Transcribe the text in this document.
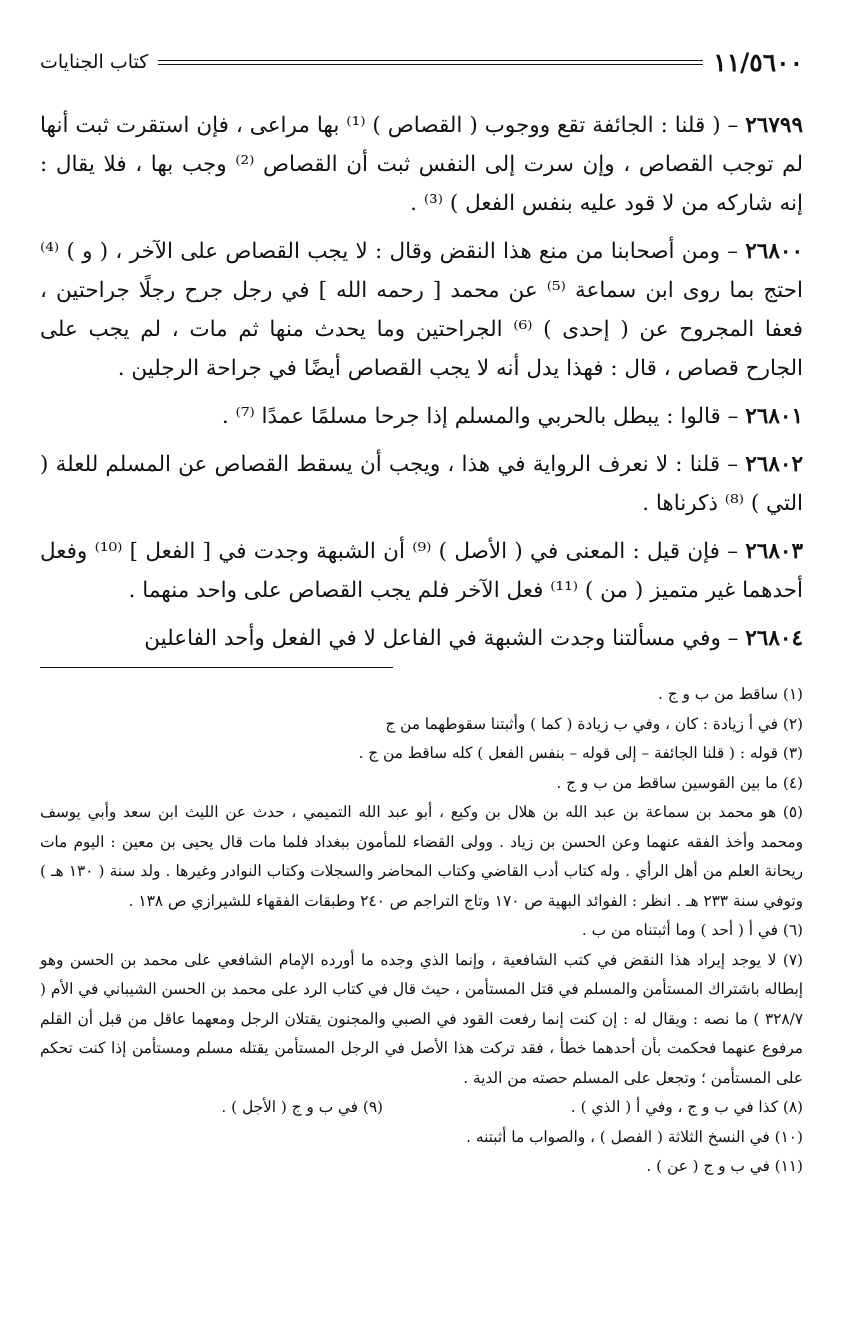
١١/٥٦٠٠
كتاب الجنايات

٢٦٧٩٩ – ( قلنا : الجائفة تقع ووجوب ( القصاص ) ⁽¹⁾ بها مراعى ، فإن استقرت ثبت أنها لم توجب القصاص ، وإن سرت إلى النفس ثبت أن القصاص ⁽²⁾ وجب بها ، فلا يقال : إنه شاركه من لا قود عليه بنفس الفعل ) ⁽³⁾ .

٢٦٨٠٠ – ومن أصحابنا من منع هذا النقض وقال : لا يجب القصاص على الآخر ، ( و ) ⁽⁴⁾ احتج بما روى ابن سماعة ⁽⁵⁾ عن محمد [ رحمه الله ] في رجل جرح رجلًا جراحتين ، فعفا المجروح عن ( إحدى ) ⁽⁶⁾ الجراحتين وما يحدث منها ثم مات ، لم يجب على الجارح قصاص ، قال : فهذا يدل أنه لا يجب القصاص أيضًا في جراحة الرجلين .

٢٦٨٠١ – قالوا : يبطل بالحربي والمسلم إذا جرحا مسلمًا عمدًا ⁽⁷⁾ .

٢٦٨٠٢ – قلنا : لا نعرف الرواية في هذا ، ويجب أن يسقط القصاص عن المسلم للعلة ( التي ) ⁽⁸⁾ ذكرناها .

٢٦٨٠٣ – فإن قيل : المعنى في ( الأصل ) ⁽⁹⁾ أن الشبهة وجدت في [ الفعل ] ⁽¹⁰⁾ وفعل أحدهما غير متميز ( من ) ⁽¹¹⁾ فعل الآخر فلم يجب القصاص على واحد منهما .

٢٦٨٠٤ – وفي مسألتنا وجدت الشبهة في الفاعل لا في الفعل وأحد الفاعلين

(١) ساقط من ب و ج .

(٢) في أ زيادة : كان ، وفي ب زيادة ( كما ) وأثبتنا سقوطهما من ج

(٣) قوله : ( قلنا الجائفة – إلى قوله – بنفس الفعل ) كله ساقط من ج .

(٤) ما بين القوسين ساقط من ب و ج .

(٥) هو محمد بن سماعة بن عبد الله بن هلال بن وكيع ، أبو عبد الله التميمي ، حدث عن الليث ابن سعد وأبي يوسف ومحمد وأخذ الفقه عنهما وعن الحسن بن زياد . وولى القضاء للمأمون ببغداد فلما مات قال يحيى بن معين : اليوم مات ريحانة العلم من أهل الرأي . وله كتاب أدب القاضي وكتاب المحاضر والسجلات وكتاب النوادر وغيرها . ولد سنة ( ١٣٠ هـ ) وتوفي سنة ٢٣٣ هـ . انظر : الفوائد البهية ص ١٧٠ وتاج التراجم ص ٢٤٠ وطبقات الفقهاء للشيرازي ص ١٣٨ .

(٦) في أ ( أحد ) وما أثبتناه من ب .

(٧) لا يوجد إيراد هذا النقض في كتب الشافعية ، وإنما الذي وجده ما أورده الإمام الشافعي على محمد بن الحسن وهو إبطاله باشتراك المستأمن والمسلم في قتل المستأمن ، حيث قال في كتاب الرد على محمد بن الحسن الشيباني في الأم ( ٣٢٨/٧ ) ما نصه : ويقال له : إن كنت إنما رفعت القود في الصبي والمجنون يقتلان الرجل ومعهما عاقل من قبل أن القلم مرفوع عنهما فحكمت بأن أحدهما خطأ ، فقد تركت هذا الأصل في الرجل المستأمن يقتله مسلم ومستأمن إذا كنت تحكم على المستأمن ؛ وتجعل على المسلم حصته من الدية .

(٨) كذا في ب و ج ، وفي أ ( الذي ) .
(٩) في ب و ج ( الأجل ) .

(١٠) في النسخ الثلاثة ( الفصل ) ، والصواب ما أثبتنه .

(١١) في ب و ج ( عن ) .
